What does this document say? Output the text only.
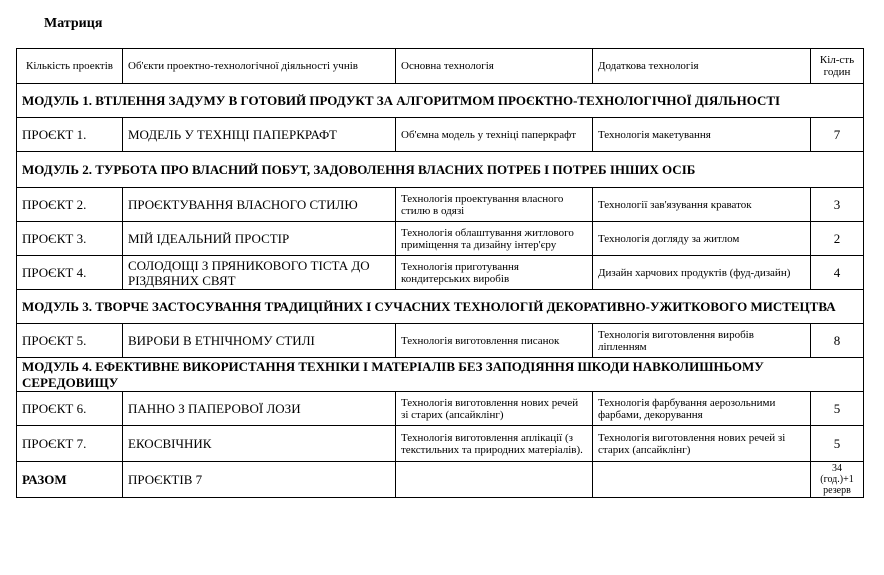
Матриця
Кількість проектів	Об'єкти проектно-технологічної діяльності учнів	Основна технологія	Додаткова технологія	Кіл-сть годин
МОДУЛЬ 1. ВТІЛЕННЯ ЗАДУМУ В ГОТОВИЙ ПРОДУКТ ЗА АЛГОРИТМОМ ПРОЄКТНО-ТЕХНОЛОГІЧНОЇ ДІЯЛЬНОСТІ				
ПРОЄКТ 1.	МОДЕЛЬ У ТЕХНІЦІ ПАПЕРКРАФТ	Об'ємна модель у техніці паперкрафт	Технологія макетування	7
МОДУЛЬ 2. ТУРБОТА ПРО ВЛАСНИЙ ПОБУТ, ЗАДОВОЛЕННЯ ВЛАСНИХ ПОТРЕБ І ПОТРЕБ ІНШИХ ОСІБ				
ПРОЄКТ 2.	ПРОЄКТУВАННЯ ВЛАСНОГО СТИЛЮ	Технологія проектування власного стилю в одязі	Технології зав'язування краваток	3
ПРОЄКТ 3.	МІЙ ІДЕАЛЬНИЙ ПРОСТІР	Технологія облаштування житлового приміщення та дизайну інтер'єру	Технологія догляду за житлом	2
ПРОЄКТ 4.	СОЛОДОЩІ З ПРЯНИКОВОГО ТІСТА ДО РІЗДВЯНИХ СВЯТ	Технологія приготування кондитерських виробів	Дизайн харчових продуктів (фуд-дизайн)	4
МОДУЛЬ 3. ТВОРЧЕ ЗАСТОСУВАННЯ ТРАДИЦІЙНИХ І СУЧАСНИХ ТЕХНОЛОГІЙ ДЕКОРАТИВНО-УЖИТКОВОГО МИСТЕЦТВА				
ПРОЄКТ 5.	ВИРОБИ В ЕТНІЧНОМУ СТИЛІ	Технологія виготовлення писанок	Технологія виготовлення виробів ліпленням	8
МОДУЛЬ 4. ЕФЕКТИВНЕ ВИКОРИСТАННЯ ТЕХНІКИ І МАТЕРІАЛІВ БЕЗ ЗАПОДІЯННЯ ШКОДИ НАВКОЛИШНЬОМУ СЕРЕДОВИЩУ				
ПРОЄКТ 6.	ПАННО З ПАПЕРОВОЇ ЛОЗИ	Технологія виготовлення нових речей зі старих (апсайклінг)	Технологія фарбування аерозольними фарбами, декорування	5
ПРОЄКТ 7.	ЕКОСВІЧНИК	Технологія виготовлення аплікації (з текстильних та природних матеріалів).	Технологія виготовлення нових речей зі старих (апсайклінг)	5
РАЗОМ	ПРОЄКТІВ 7			34 (год.)+1 резерв
